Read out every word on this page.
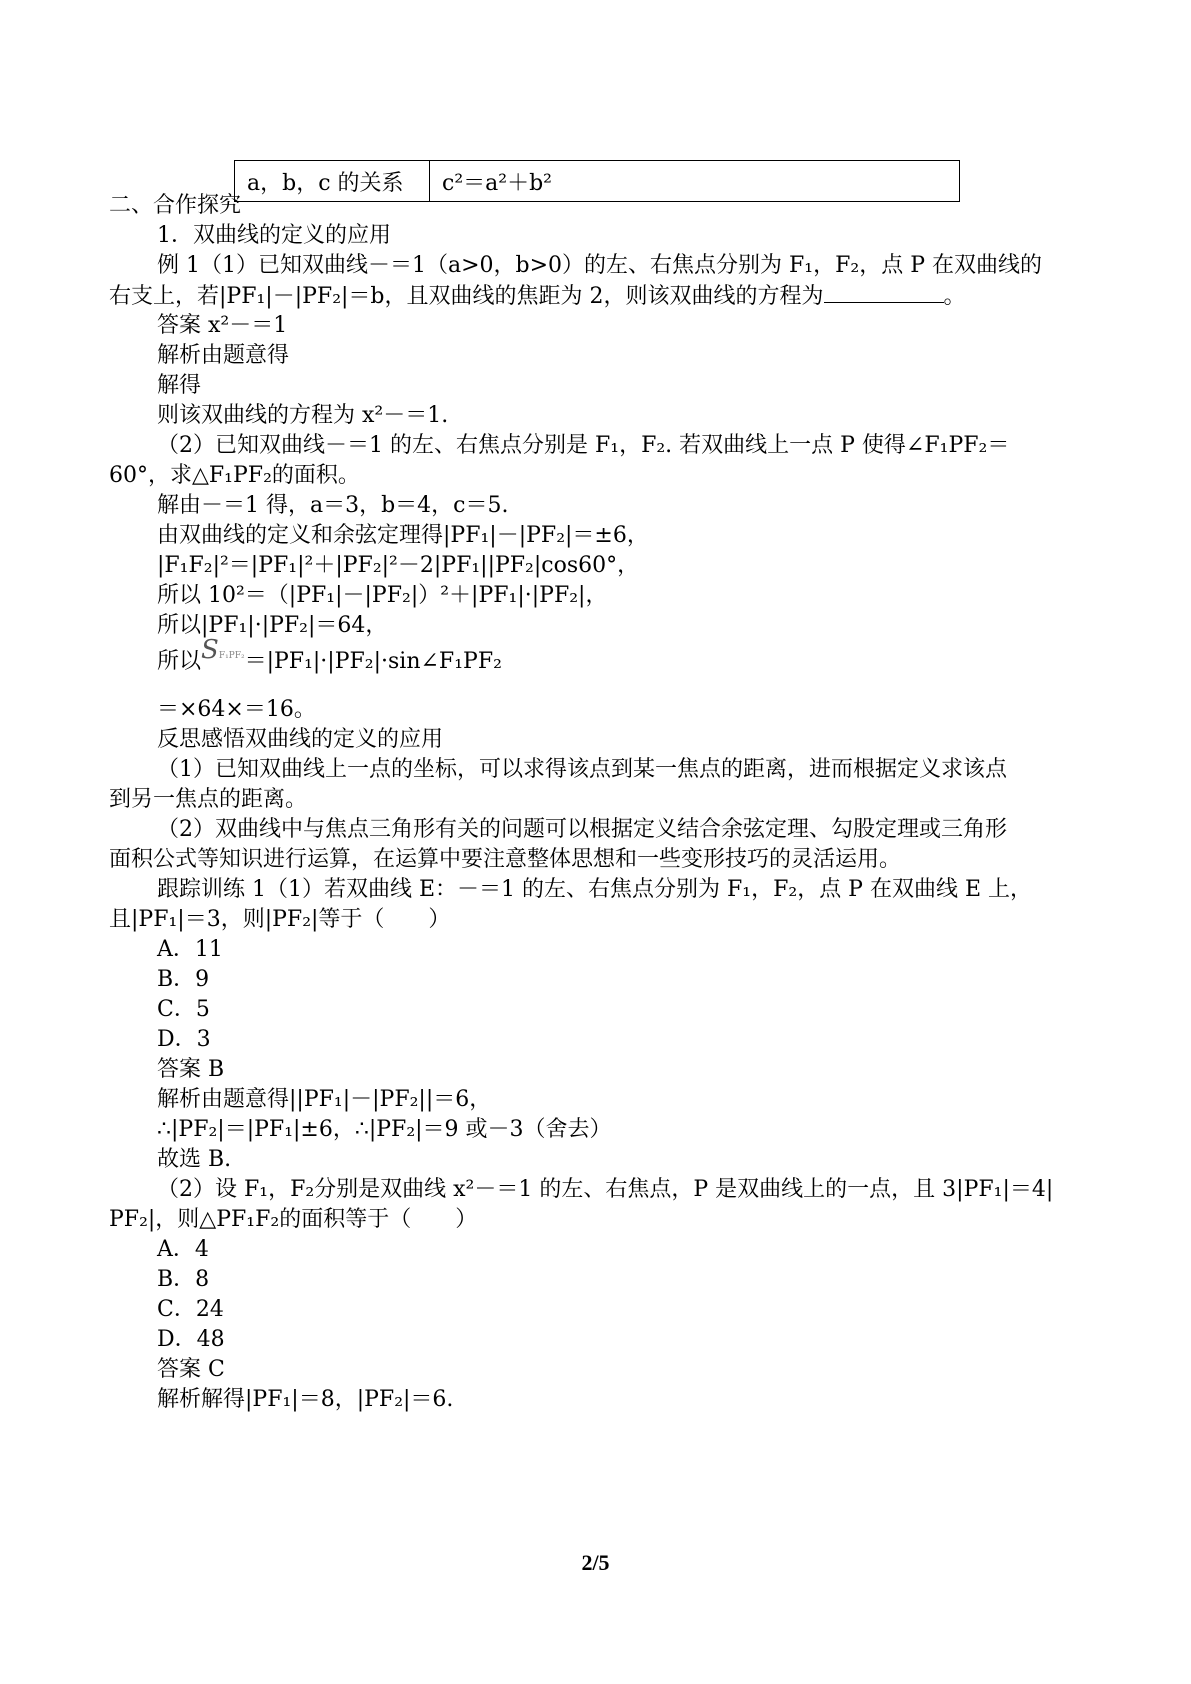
a，b，c 的关系	c²＝a²＋b²
二、合作探究
1．双曲线的定义的应用
例 1（1）已知双曲线－＝1（a>0，b>0）的左、右焦点分别为 F₁，F₂，点 P 在双曲线的
右支上，若|PF₁|－|PF₂|＝b，且双曲线的焦距为 2，则该双曲线的方程为	。
答案 x²－＝1
解析由题意得
解得
则该双曲线的方程为 x²－＝1.
（2）已知双曲线－＝1 的左、右焦点分别是 F₁，F₂. 若双曲线上一点 P 使得∠F₁PF₂＝
60°，求△F₁PF₂的面积。
解由－＝1 得，a＝3，b＝4，c＝5.
由双曲线的定义和余弦定理得|PF₁|－|PF₂|＝±6，
|F₁F₂|²＝|PF₁|²＋|PF₂|²－2|PF₁||PF₂|cos60°，
所以 10²＝（|PF₁|－|PF₂|）²＋|PF₁|·|PF₂|，
所以|PF₁|·|PF₂|＝64，
所以SF₁PF₂＝|PF₁|·|PF₂|·sin∠F₁PF₂
＝×64×＝16。
反思感悟双曲线的定义的应用
（1）已知双曲线上一点的坐标，可以求得该点到某一焦点的距离，进而根据定义求该点
到另一焦点的距离。
（2）双曲线中与焦点三角形有关的问题可以根据定义结合余弦定理、勾股定理或三角形
面积公式等知识进行运算，在运算中要注意整体思想和一些变形技巧的灵活运用。
跟踪训练 1（1）若双曲线 E：－＝1 的左、右焦点分别为 F₁，F₂，点 P 在双曲线 E 上，
且|PF₁|＝3，则|PF₂|等于（　　）
A．11
B．9
C．5
D．3
答案 B
解析由题意得||PF₁|－|PF₂||＝6，
∴|PF₂|＝|PF₁|±6，∴|PF₂|＝9 或－3（舍去）
故选 B.
（2）设 F₁，F₂分别是双曲线 x²－＝1 的左、右焦点，P 是双曲线上的一点，且 3|PF₁|＝4|
PF₂|，则△PF₁F₂的面积等于（　　）
A．4
B．8
C．24
D．48
答案 C
解析解得|PF₁|＝8，|PF₂|＝6.
2/5
